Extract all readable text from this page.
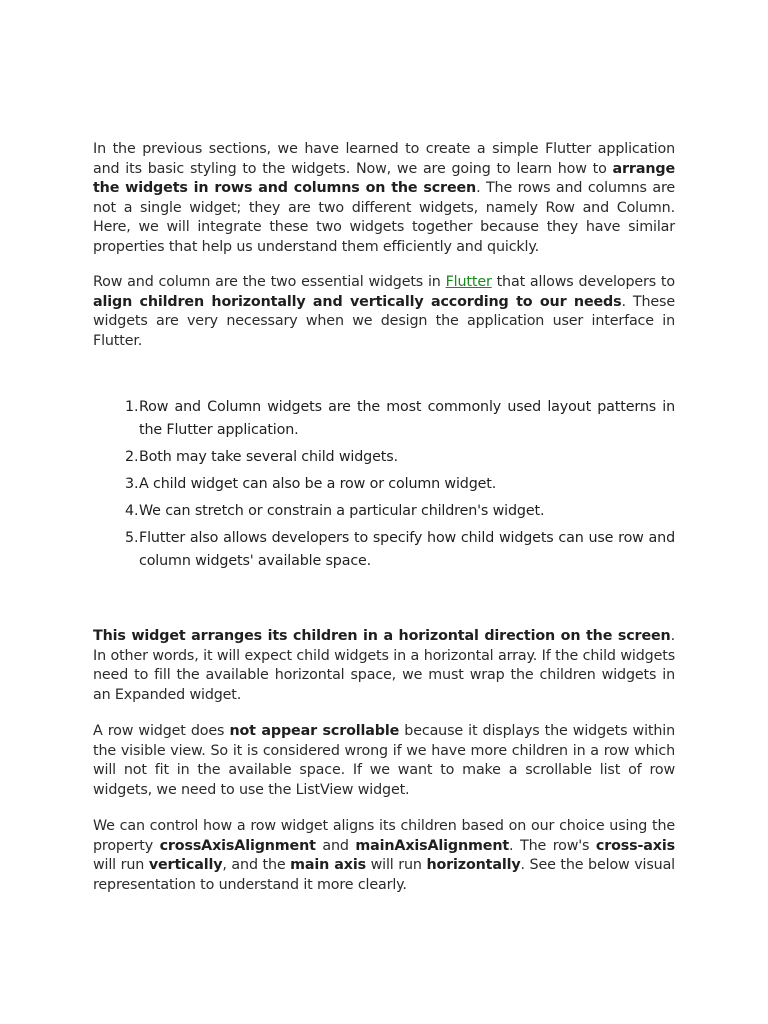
In the previous sections, we have learned to create a simple Flutter application and its basic styling to the widgets. Now, we are going to learn how to arrange the widgets in rows and columns on the screen. The rows and columns are not a single widget; they are two different widgets, namely Row and Column. Here, we will integrate these two widgets together because they have similar properties that help us understand them efficiently and quickly.

Row and column are the two essential widgets in Flutter that allows developers to align children horizontally and vertically according to our needs. These widgets are very necessary when we design the application user interface in Flutter.

1. Row and Column widgets are the most commonly used layout patterns in the Flutter application.
2. Both may take several child widgets.
3. A child widget can also be a row or column widget.
4. We can stretch or constrain a particular children's widget.
5. Flutter also allows developers to specify how child widgets can use row and column widgets' available space.

This widget arranges its children in a horizontal direction on the screen. In other words, it will expect child widgets in a horizontal array. If the child widgets need to fill the available horizontal space, we must wrap the children widgets in an Expanded widget.

A row widget does not appear scrollable because it displays the widgets within the visible view. So it is considered wrong if we have more children in a row which will not fit in the available space. If we want to make a scrollable list of row widgets, we need to use the ListView widget.

We can control how a row widget aligns its children based on our choice using the property crossAxisAlignment and mainAxisAlignment. The row's cross-axis will run vertically, and the main axis will run horizontally. See the below visual representation to understand it more clearly.
